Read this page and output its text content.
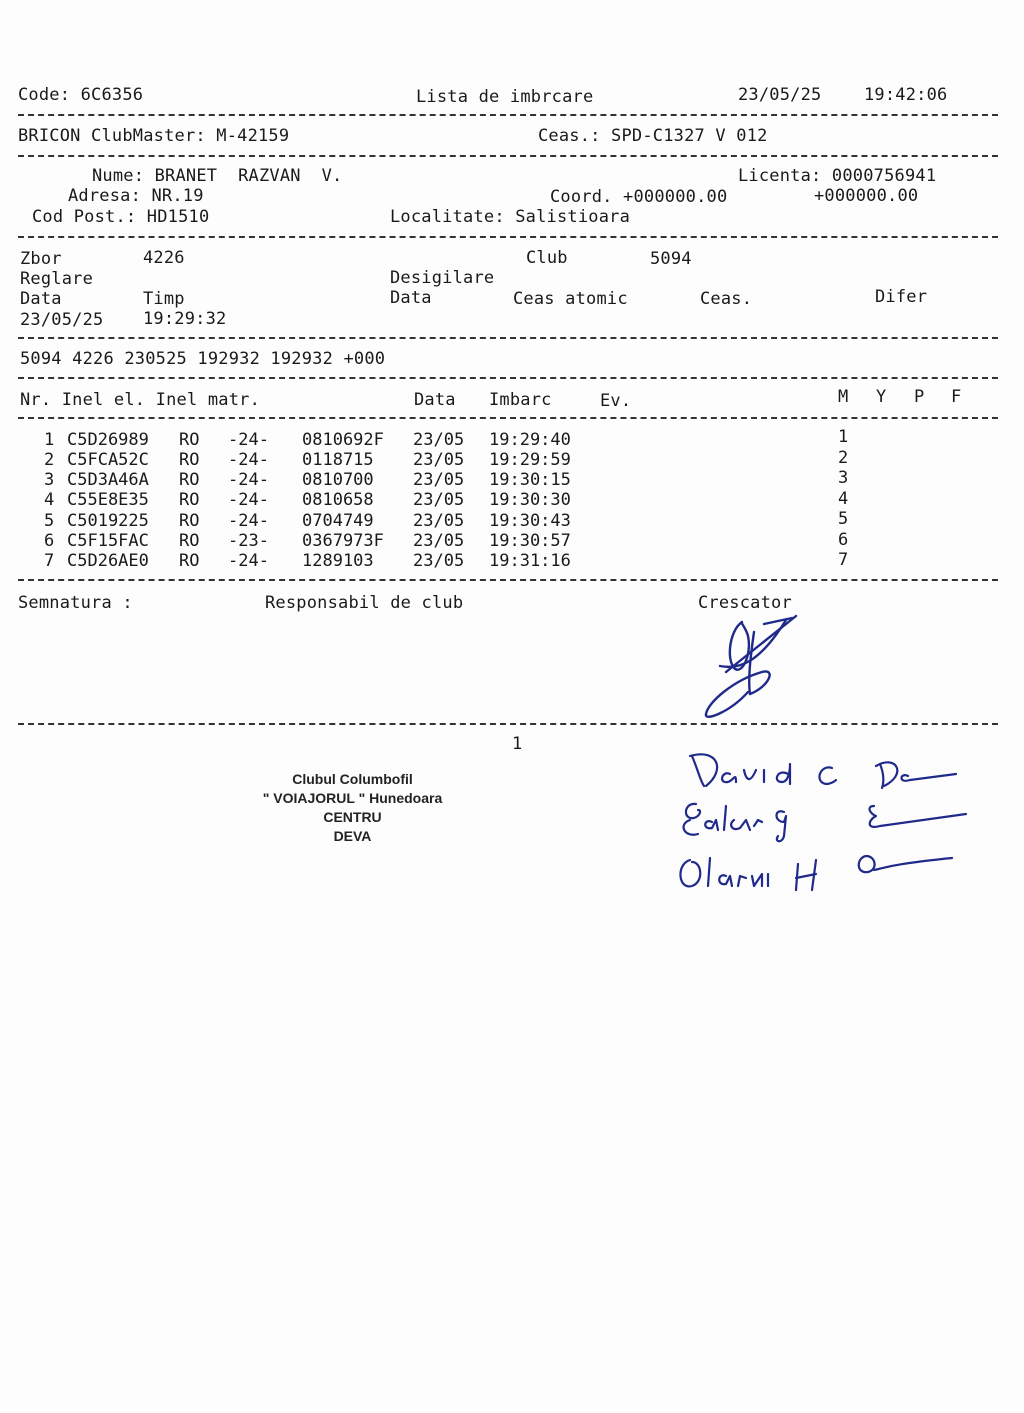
Code: 6C6356	Lista de imbrcare	23/05/25	19:42:06
BRICON ClubMaster: M-42159	Ceas.: SPD-C1327 V 012
Nume: BRANET  RAZVAN  V.	Licenta: 0000756941
Adresa: NR.19	Coord. +000000.00	+000000.00
Cod Post.: HD1510	Localitate: Salistioara
Zbor	4226	Club	5094
Reglare	Desigilare
Data	Timp	Data	Ceas atomic	Ceas.	Difer
23/05/25 19:29:32
5094 4226 230525 192932 192932 +000
Nr. Inel el. Inel matr.	Data Imbarc	Ev.	M Y P F
1 C5D26989 RO -24- 0810692F 23/05 19:29:40	1
2 C5FCA52C RO -24- 0118715 23/05 19:29:59	2
3 C5D3A46A RO -24- 0810700 23/05 19:30:15	3
4 C55E8E35 RO -24- 0810658 23/05 19:30:30	4
5 C5019225 RO -24- 0704749 23/05 19:30:43	5
6 C5F15FAC RO -23- 0367973F 23/05 19:30:57	6
7 C5D26AE0 RO -24- 1289103 23/05 19:31:16	7
Semnatura :	Responsabil de club	Crescator
1
Clubul Columbofil
" VOIAJORUL " Hunedoara
CENTRU
DEVA
